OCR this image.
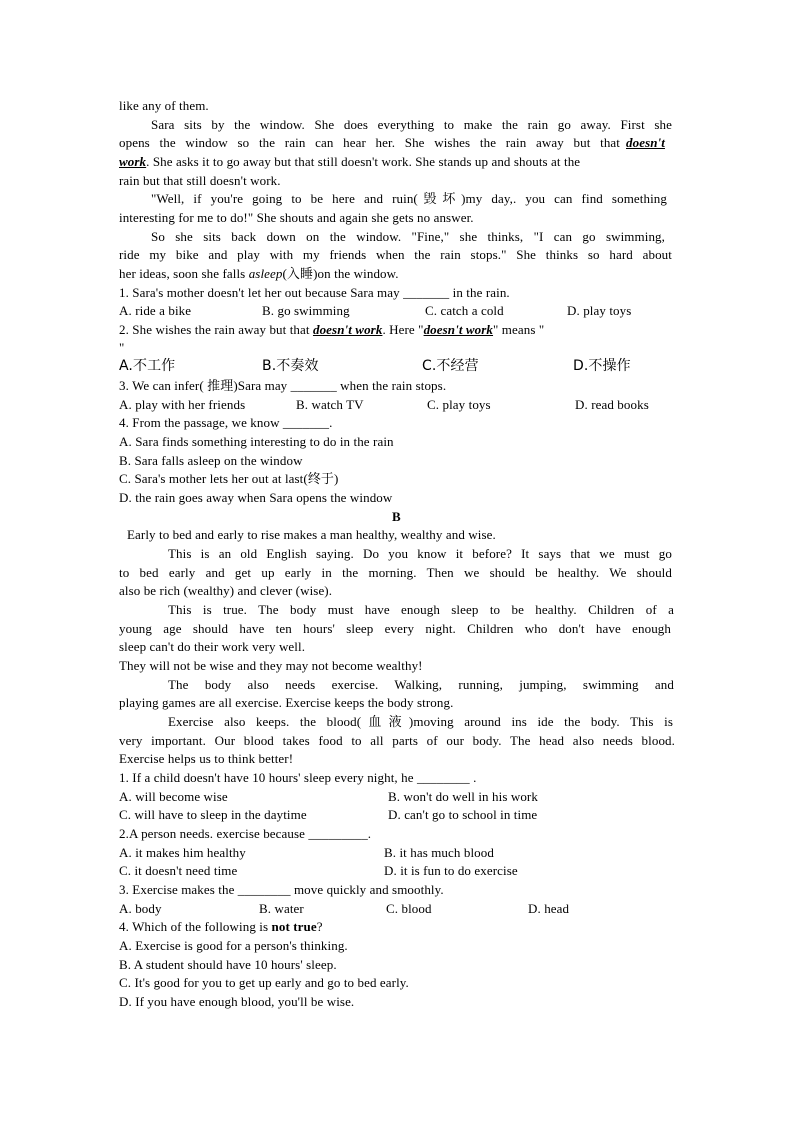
like any of them.
Sara sits by the window. She does everything to make the rain go away. First she
opens the window so the rain can hear her. She wishes the rain away but that doesn't
work. She asks it to go away but that still doesn't work. She stands up and shouts at the
rain but that still doesn't work.
"Well, if you're going to be here and ruin(毁坏)my day,. you can find something
interesting for me to do!" She shouts and again she gets no answer.
So she sits back down on the window. "Fine," she thinks, "I can go swimming,
ride my bike and play with my friends when the rain stops." She thinks so hard about
her ideas, soon she falls asleep(入睡)on the window.
1. Sara's mother doesn't let her out because Sara may _______ in the rain.
A. ride a bike	B. go swimming	C. catch a cold	D. play toys
2. She wishes the rain away but that doesn't work. Here "doesn't work" means "
"
A.不工作	B.不奏效	C.不经营	D.不操作
3. We can infer( 推理)Sara may _______ when the rain stops.
A. play with her friends	B. watch TV	C. play toys	D. read books
4. From the passage, we know _______.
A. Sara finds something interesting to do in the rain
B. Sara falls asleep on the window
C. Sara's mother lets her out at last(终于)
D. the rain goes away when Sara opens the window
B
Early to bed and early to rise makes a man healthy, wealthy and wise.
This is an old English saying. Do you know it before? It says that we must go
to bed early and get up early in the morning. Then we should be healthy. We should
also be rich (wealthy) and clever (wise).
This is true. The body must have enough sleep to be healthy. Children of a
young age should have ten hours' sleep every night. Children who don't have enough
sleep can't do their work very well.
They will not be wise and they may not become wealthy!
The body also needs exercise. Walking, running, jumping, swimming and
playing games are all exercise. Exercise keeps the body strong.
Exercise also keeps. the blood(血液)moving around ins ide the body. This is
very important. Our blood takes food to all parts of our body. The head also needs blood.
Exercise helps us to think better!
1. If a child doesn't have 10 hours' sleep every night, he ________ .
A. will become wise	B. won't do well in his work
C. will have to sleep in the daytime	D. can't go to school in time
2.A person needs. exercise because _________.
A. it makes him healthy	B. it has much blood
C. it doesn't need time	D. it is fun to do exercise
3. Exercise makes the ________ move quickly and smoothly.
A. body	B. water	C. blood	D. head
4. Which of the following is not true?
A. Exercise is good for a person's thinking.
B. A student should have 10 hours' sleep.
C. It's good for you to get up early and go to bed early.
D. If you have enough blood, you'll be wise.
